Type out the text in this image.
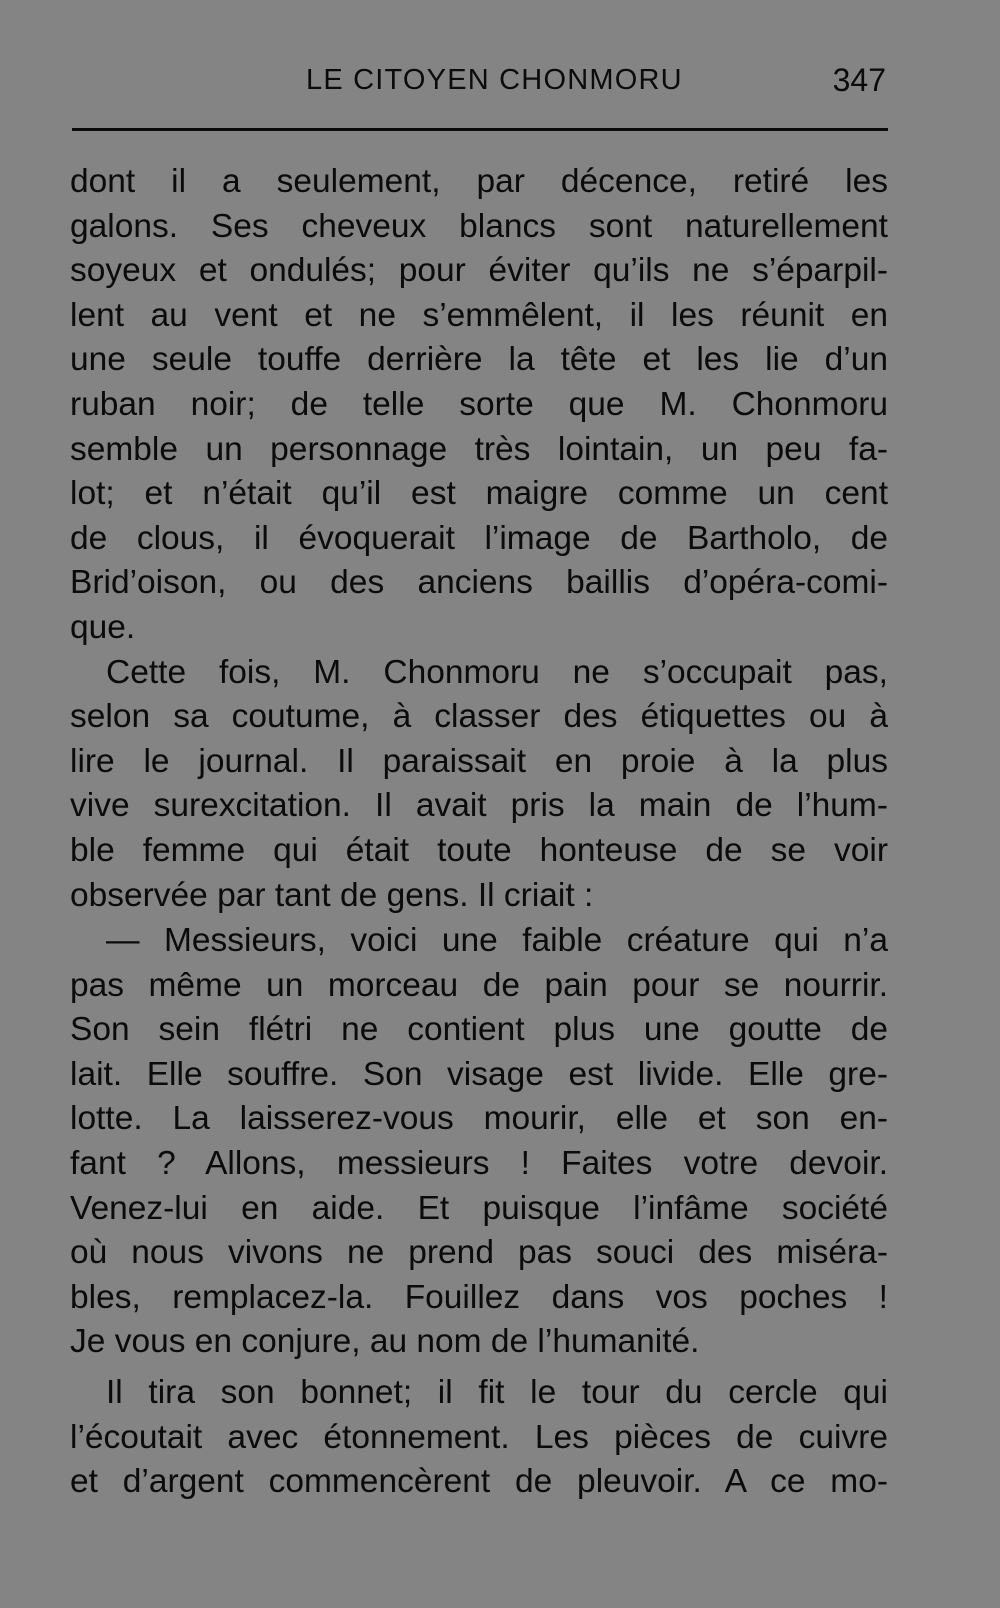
LE CITOYEN CHONMORU	347
dont il a seulement, par décence, retiré les
galons. Ses cheveux blancs sont naturellement
soyeux et ondulés; pour éviter qu’ils ne s’éparpil-
lent au vent et ne s’emmêlent, il les réunit en
une seule touffe derrière la tête et les lie d’un
ruban noir; de telle sorte que M. Chonmoru
semble un personnage très lointain, un peu fa-
lot; et n’était qu’il est maigre comme un cent
de clous, il évoquerait l’image de Bartholo, de
Brid’oison, ou des anciens baillis d’opéra-comi-
que.
Cette fois, M. Chonmoru ne s’occupait pas,
selon sa coutume, à classer des étiquettes ou à
lire le journal. Il paraissait en proie à la plus
vive surexcitation. Il avait pris la main de l’hum-
ble femme qui était toute honteuse de se voir
observée par tant de gens. Il criait :
— Messieurs, voici une faible créature qui n’a
pas même un morceau de pain pour se nourrir.
Son sein flétri ne contient plus une goutte de
lait. Elle souffre. Son visage est livide. Elle gre-
lotte. La laisserez-vous mourir, elle et son en-
fant ? Allons, messieurs ! Faites votre devoir.
Venez-lui en aide. Et puisque l’infâme société
où nous vivons ne prend pas souci des miséra-
bles, remplacez-la. Fouillez dans vos poches !
Je vous en conjure, au nom de l’humanité.
Il tira son bonnet; il fit le tour du cercle qui
l’écoutait avec étonnement. Les pièces de cuivre
et d’argent commencèrent de pleuvoir. A ce mo-
